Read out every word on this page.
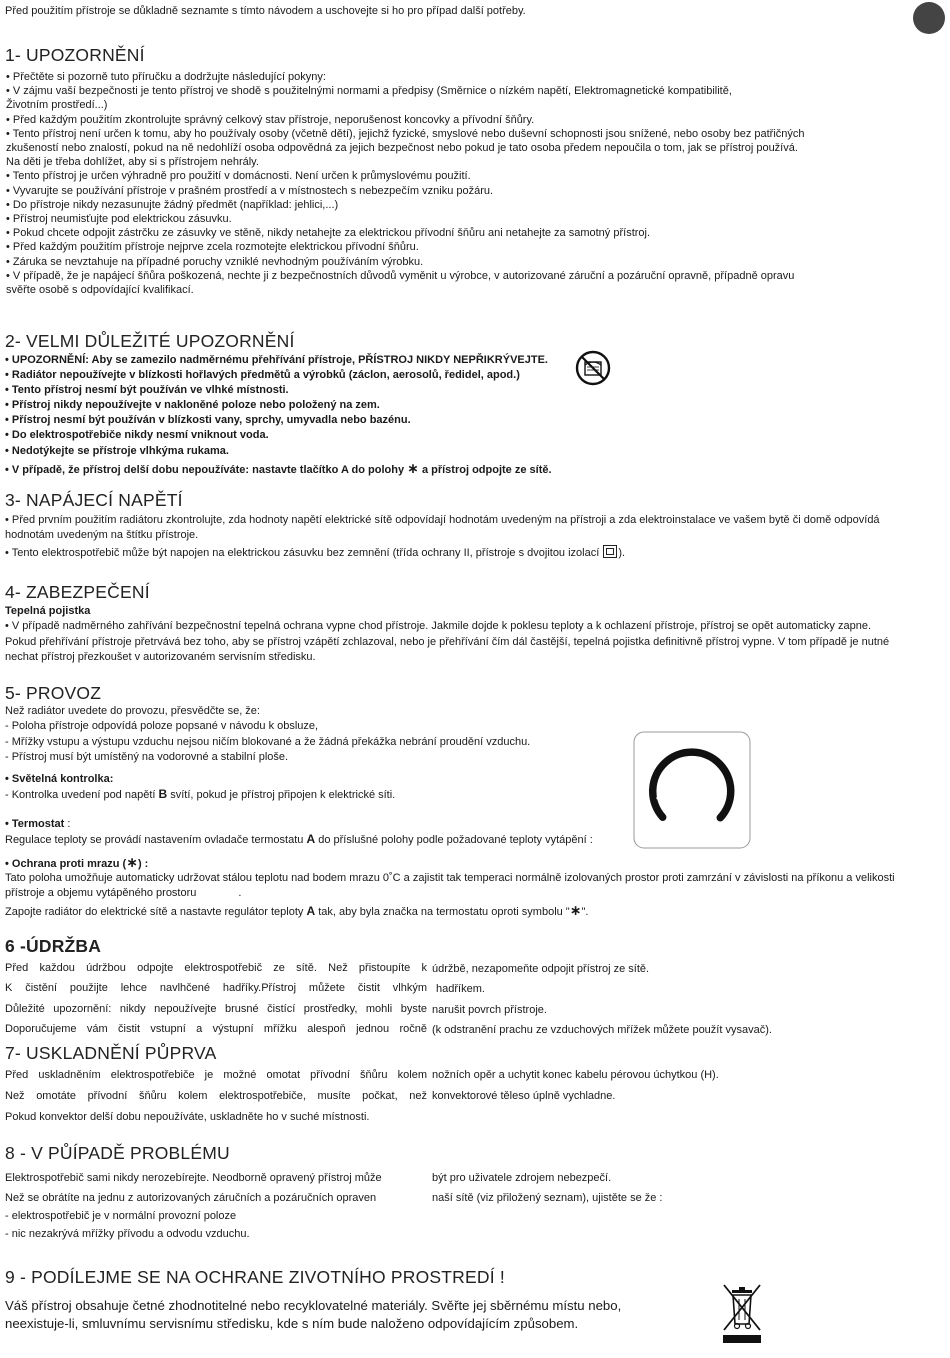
Před použitím přístroje se důkladně seznamte s tímto návodem a uschovejte si ho pro případ další potřeby.
1- UPOZORNĚNÍ

• Přečtěte si pozorně tuto příručku a dodržujte následující pokyny:

• V zájmu vaší bezpečnosti je tento přístroj ve shodě s použitelnými normami a předpisy (Směrnice o nízkém napětí, Elektromagnetické kompatibilitě,

Životním prostředí...)

• Před každým použitím zkontrolujte správný celkový stav přístroje, neporušenost koncovky a přívodní šňůry.

• Tento přístroj není určen k tomu, aby ho používaly osoby (včetně dětí), jejichž fyzické, smyslové nebo duševní schopnosti jsou snížené, nebo osoby bez patřičných

zkušeností nebo znalostí, pokud na ně nedohlíží osoba odpovědná za jejich bezpečnost nebo pokud je tato osoba předem nepoučila o tom, jak se přístroj používá.

Na děti je třeba dohlížet, aby si s přístrojem nehrály.

• Tento přístroj je určen výhradně pro použití v domácnosti. Není určen k průmyslovému použití.

• Vyvarujte se používání přístroje v prašném prostředí a v místnostech s nebezpečím vzniku požáru.

• Do přístroje nikdy nezasunujte žádný předmět (například: jehlici,...)

• Přístroj neumisťujte pod elektrickou zásuvku.

• Pokud chcete odpojit zástrčku ze zásuvky ve stěně, nikdy netahejte za elektrickou přívodní šňůru ani netahejte za samotný přístroj.

• Před každým použitím přístroje nejprve zcela rozmotejte elektrickou přívodní šňůru.

• Záruka se nevztahuje na případné poruchy vzniklé nevhodným používáním výrobku.

• V případě, že je napájecí šňůra poškozená, nechte ji z bezpečnostních důvodů vyměnit u výrobce, v autorizované záruční a pozáruční opravně, případně opravu

svěřte osobě s odpovídající kvalifikací.

2- VELMI DŮLEŽITÉ UPOZORNĚNÍ

• UPOZORNĚNÍ: Aby se zamezilo nadměrnému přehřívání přístroje, PŘÍSTROJ NIKDY NEPŘIKRÝVEJTE.

• Radiátor nepoužívejte v blízkosti hořlavých předmětů a výrobků (záclon, aerosolů, ředidel, apod.)

• Tento přístroj nesmí být používán ve vlhké místnosti.

• Přístroj nikdy nepoužívejte v nakloněné poloze nebo položený na zem.

• Přístroj nesmí být používán v blízkosti vany, sprchy, umyvadla nebo bazénu.

• Do elektrospotřebiče nikdy nesmí vniknout voda.

• Nedotýkejte se přístroje vlhkýma rukama.

• V případě, že přístroj delší dobu nepoužíváte: nastavte tlačítko A do polohy ∗ a přístroj odpojte ze sítě.
3- NAPÁJECÍ NAPĚTÍ

• Před prvním použitím radiátoru zkontrolujte, zda hodnoty napětí elektrické sítě odpovídají hodnotám uvedeným na přístroji a zda elektroinstalace ve vašem bytě či domě odpovídá

hodnotám uvedeným na štítku přístroje.

• Tento elektrospotřebič může být napojen na elektrickou zásuvku bez zemnění (třída ochrany II, přístroje s dvojitou izolací ).

4- ZABEZPEČENÍ
Tepelná pojistka

• V případě nadměrného zahřívání bezpečnostní tepelná ochrana vypne chod přístroje. Jakmile dojde k poklesu teploty a k ochlazení přístroje, přístroj se opět automaticky zapne.

Pokud přehřívání přístroje přetrvává bez toho, aby se přístroj vzápětí zchlazoval, nebo je přehřívání čím dál častější, tepelná pojistka definitivně přístroj vypne. V tom případě je nutné

nechat přístroj přezkoušet v autorizovaném servisním středisku.

5- PROVOZ

Než radiátor uvedete do provozu, přesvědčte se, že:

- Poloha přístroje odpovídá poloze popsané v návodu k obsluze,

- Mřížky vstupu a výstupu vzduchu nejsou ničím blokované a že žádná překážka nebrání proudění vzduchu.

- Přístroj musí být umístěný na vodorovné a stabilní ploše.

• Světelná kontrolka:
- Kontrolka uvedení pod napětí B svítí, pokud je přístroj připojen k elektrické síti.
• Termostat :
Regulace teploty se provádí nastavením ovladače termostatu A do příslušné polohy podle požadované teploty vytápění :
• Ochrana proti mrazu (∗) :

Tato poloha umožňuje automaticky udržovat stálou teplotu nad bodem mrazu 0˚C a zajistit tak temperaci normálně izolovaných prostor proti zamrzání v závislosti na příkonu a velikosti

přístroje a objemu vytápěného prostoru	.

Zapojte radiátor do elektrické sítě a nastavte regulátor teploty A tak, aby byla značka na termostatu oproti symbolu "∗".

6 -ÚDRŽBA

Před každou údržbou odpojte elektrospotřebič ze sítě. Než přistoupíte k

K čistění použijte lehce navlhčené hadříky.Přístroj můžete čistit vlhkým

Důležité upozornění: nikdy nepoužívejte brusné čistící prostředky, mohli byste

Doporučujeme vám čistit vstupní a výstupní mřížku alespoň jednou ročně

údržbě, nezapomeňte odpojit přístroj ze sítě.

hadříkem.

narušit povrch přístroje.

(k odstranění prachu ze vzduchových mřížek můžete použít vysavač).

7- USKLADNĚNÍ PŮPRVA

Před uskladněním elektrospotřebiče je možné omotat přívodní šňůru kolem

Než omotáte přívodní šňůru kolem elektrospotřebiče, musíte počkat, než

Pokud konvektor delší dobu nepoužíváte, uskladněte ho v suché místnosti.

nožních opěr a uchytit konec kabelu pérovou úchytkou (H).

konvektorové těleso úplně vychladne.

8 - V PŮÍPADĚ PROBLÉMU

Elektrospotřebič sami nikdy nerozebírejte. Neodborně opravený přístroj může

Než se obrátíte na jednu z autorizovaných záručních a pozáručních opraven

- elektrospotřebič je v normální provozní poloze

- nic nezakrývá mřížky přívodu a odvodu vzduchu.

být pro uživatele zdrojem nebezpečí.

naší sítě (viz přiložený seznam), ujistěte se že :

9 - PODÍLEJME SE NA OCHRANE ZIVOTNÍHO PROSTREDÍ !

Váš přístroj obsahuje četné zhodnotitelné nebo recyklovatelné materiály. Svěřte jej sběrnému místu nebo,

neexistuje-li, smluvnímu servisnímu středisku, kde s ním bude naloženo odpovídajícím způsobem.
